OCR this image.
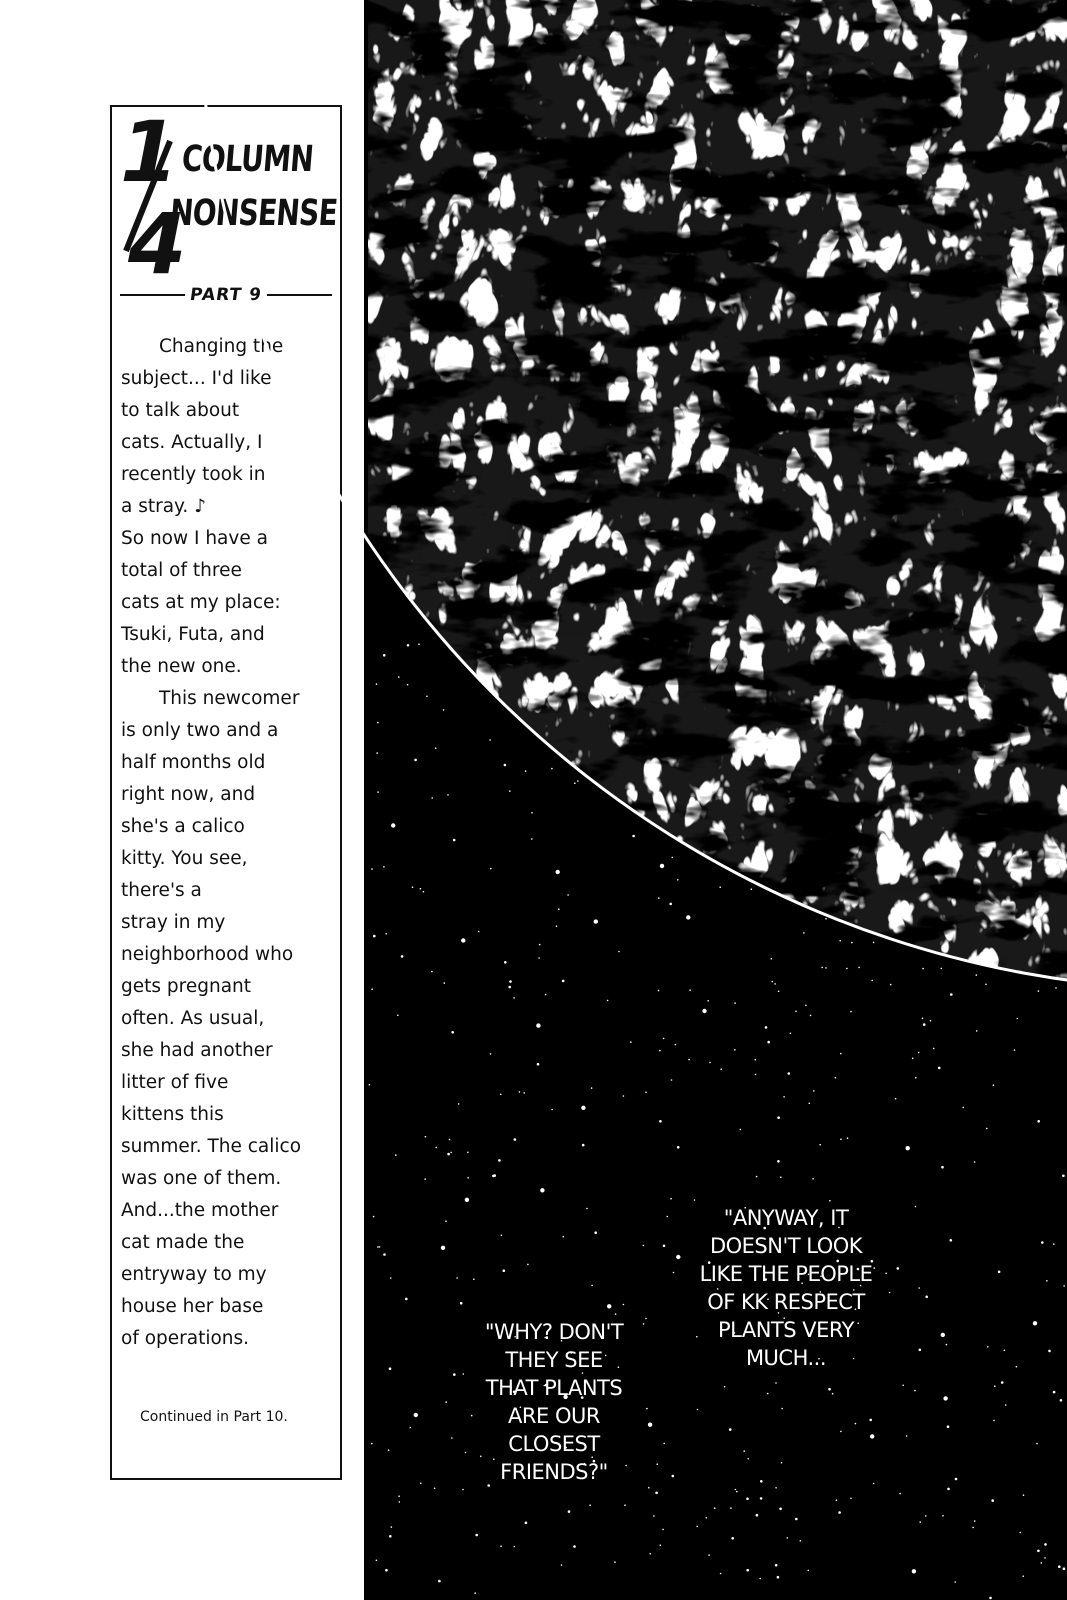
1
4
COLUMN
NONSENSE
PART 9

Changing the
subject... I'd like
to talk about
cats. Actually, I
recently took in
a stray. ♪
So now I have a
total of three
cats at my place:
Tsuki, Futa, and
the new one.
This newcomer
is only two and a
half months old
right now, and
she's a calico
kitty. You see,
there's a
stray in my
neighborhood who
gets pregnant
often. As usual,
she had another
litter of five
kittens this
summer. The calico
was one of them.
And...the mother
cat made the
entryway to my
house her base
of operations.

Continued in Part 10.
"WHY? DON'T
THEY SEE
THAT PLANTS
ARE OUR
CLOSEST
FRIENDS?"
"ANYWAY, IT
DOESN'T LOOK
LIKE THE PEOPLE
OF KK RESPECT
PLANTS VERY
MUCH...
